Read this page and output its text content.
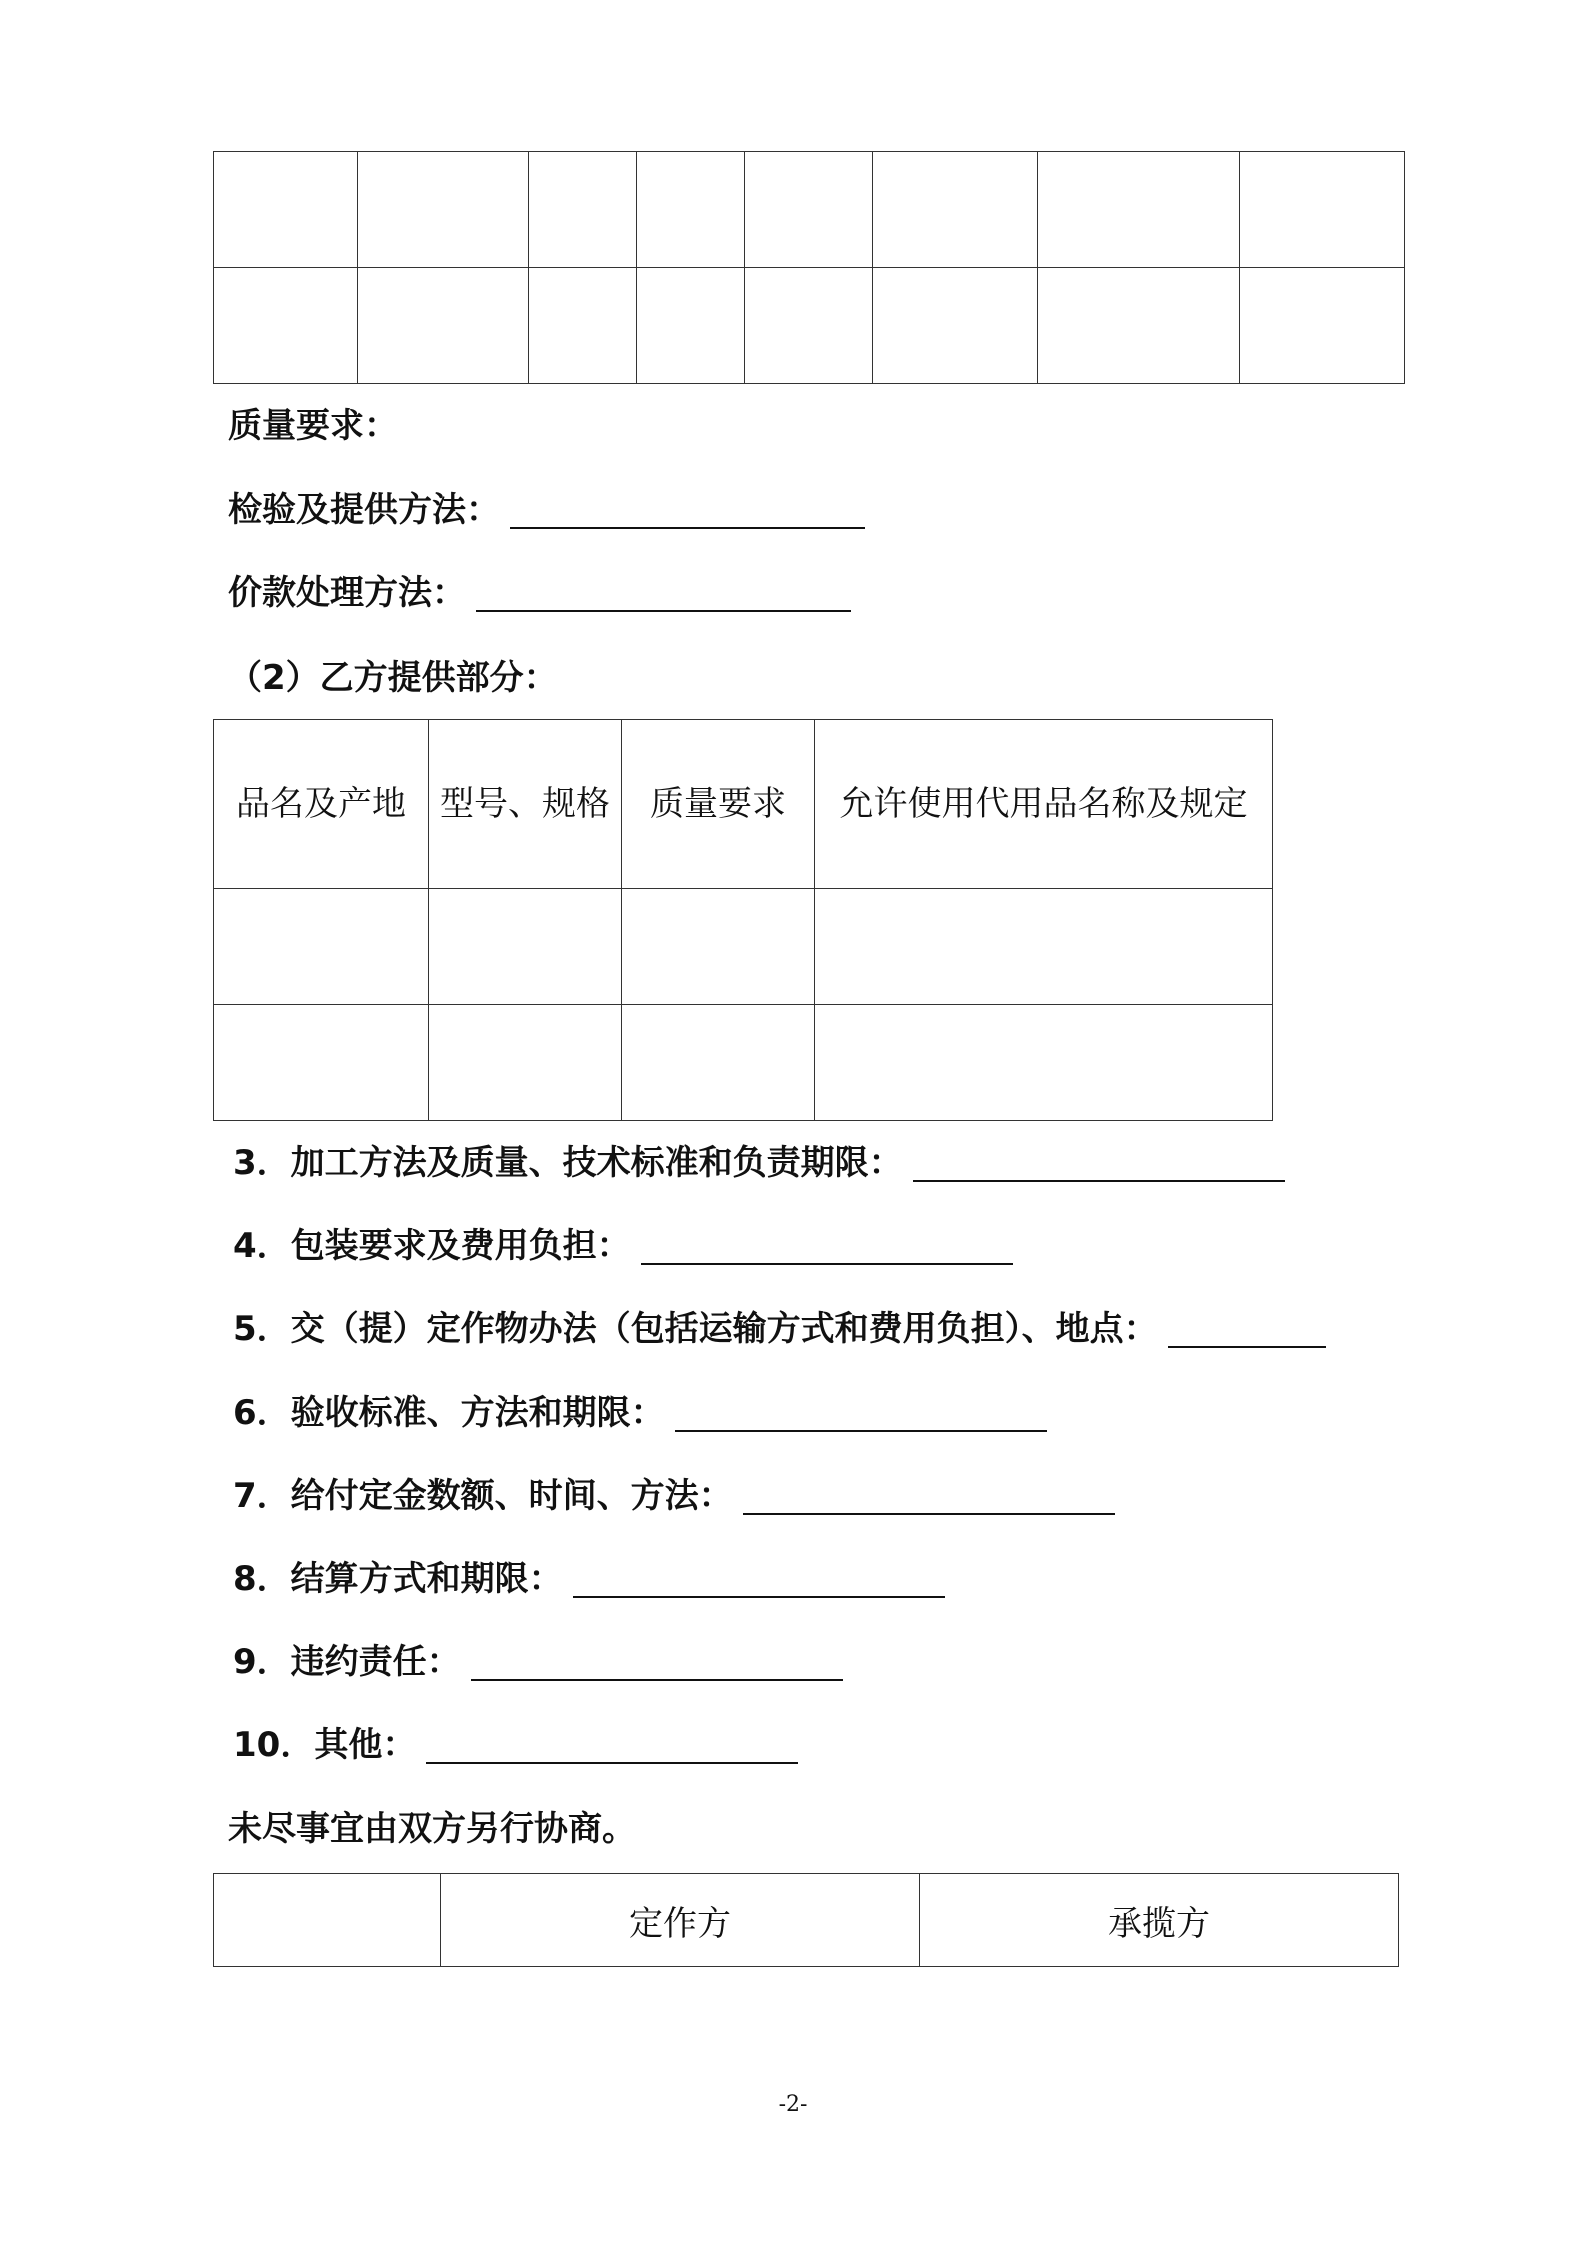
质量要求：
检验及提供方法：
价款处理方法：
（2）乙方提供部分：
品名及产地	型号、规格	质量要求	允许使用代用品名称及规定

3．加工方法及质量、技术标准和负责期限：
4．包装要求及费用负担：
5．交（提）定作物办法（包括运输方式和费用负担）、地点：
6．验收标准、方法和期限：
7．给付定金数额、时间、方法：
8．结算方式和期限：
9．违约责任：
10．其他：
未尽事宜由双方另行协商。
	定作方	承揽方
-2-
